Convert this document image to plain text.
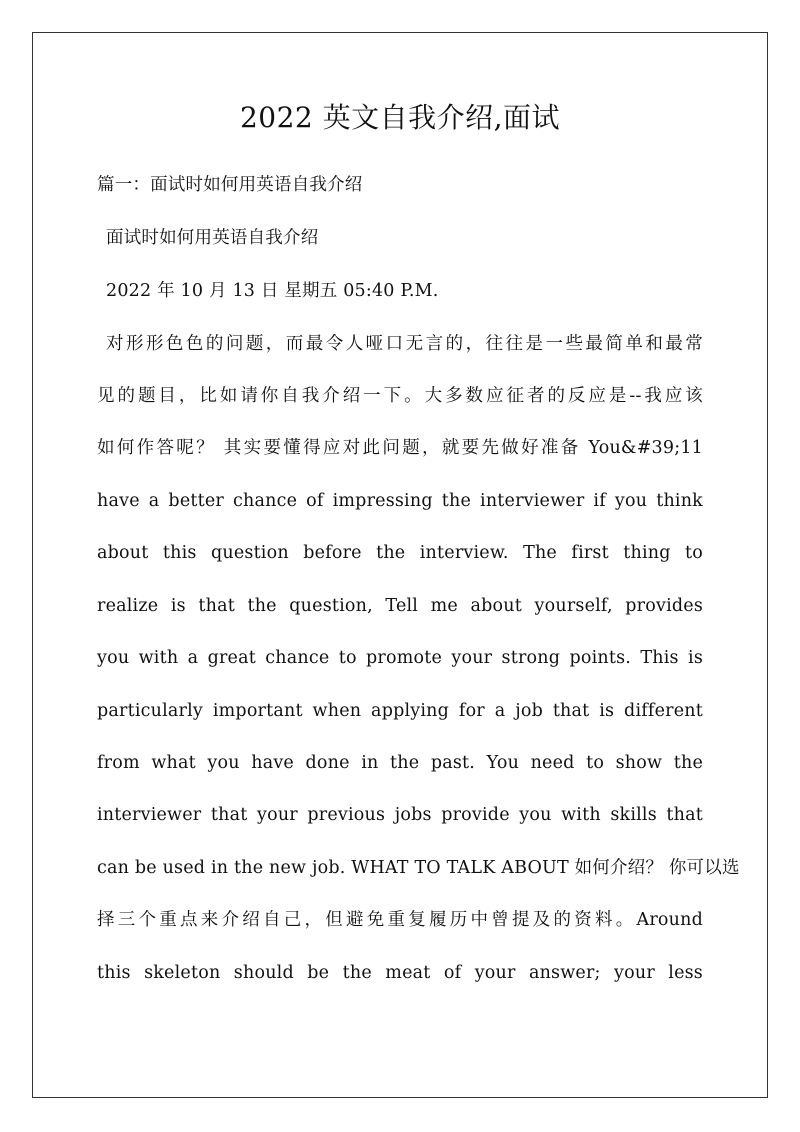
2022 英文自我介绍,面试
篇一：面试时如何用英语自我介绍
面试时如何用英语自我介绍
2022 年 10 月 13 日 星期五 05:40 P.M.
对形形色色的问题，而最令人哑口无言的，往往是一些最简单和最常
见的题目，比如请你自我介绍一下。大多数应征者的反应是--我应该
如何作答呢？ 其实要懂得应对此问题，就要先做好准备 You&#39;11
have a better chance of impressing the interviewer if you think
about this question before the interview. The first thing to
realize is that the question, Tell me about yourself, provides
you with a great chance to promote your strong points. This is
particularly important when applying for a job that is different
from what you have done in the past. You need to show the
interviewer that your previous jobs provide you with skills that
can be used in the new job. WHAT TO TALK ABOUT 如何介绍？ 你可以选
择三个重点来介绍自己，但避免重复履历中曾提及的资料。Around
this skeleton should be the meat of your answer; your less
